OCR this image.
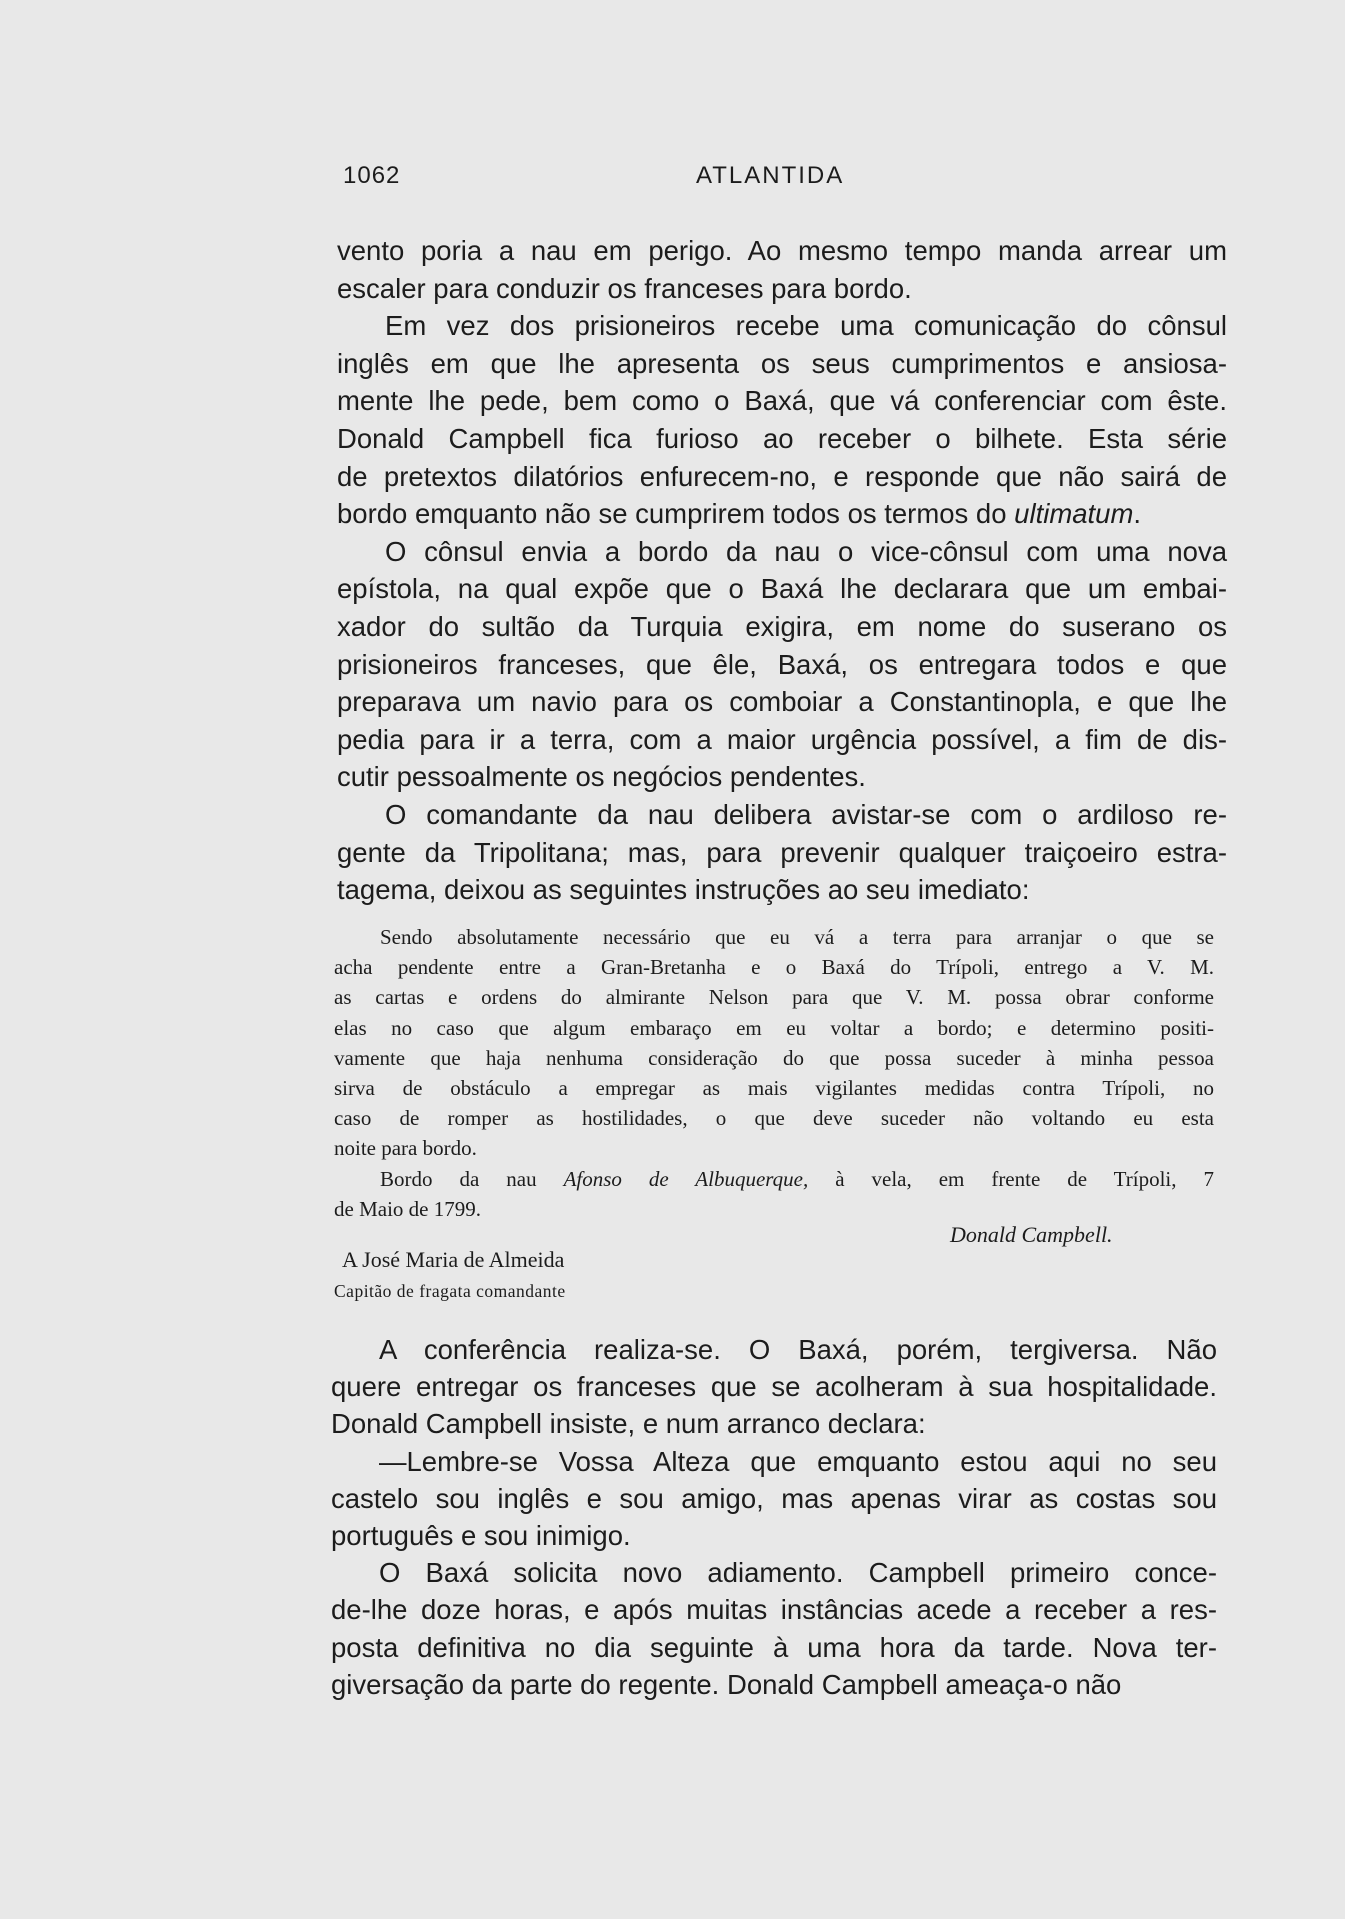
1062	ATLANTIDA
vento poria a nau em perigo. Ao mesmo tempo manda arrear um
escaler para conduzir os franceses para bordo.
Em vez dos prisioneiros recebe uma comunicação do cônsul
inglês em que lhe apresenta os seus cumprimentos e ansiosa-
mente lhe pede, bem como o Baxá, que vá conferenciar com êste.
Donald Campbell fica furioso ao receber o bilhete. Esta série
de pretextos dilatórios enfurecem-no, e responde que não sairá de
bordo emquanto não se cumprirem todos os termos do ultimatum.
O cônsul envia a bordo da nau o vice-cônsul com uma nova
epístola, na qual expõe que o Baxá lhe declarara que um embai-
xador do sultão da Turquia exigira, em nome do suserano os
prisioneiros franceses, que êle, Baxá, os entregara todos e que
preparava um navio para os comboiar a Constantinopla, e que lhe
pedia para ir a terra, com a maior urgência possível, a fim de dis-
cutir pessoalmente os negócios pendentes.
O comandante da nau delibera avistar-se com o ardiloso re-
gente da Tripolitana; mas, para prevenir qualquer traiçoeiro estra-
tagema, deixou as seguintes instruções ao seu imediato:
Sendo absolutamente necessário que eu vá a terra para arranjar o que se
acha pendente entre a Gran-Bretanha e o Baxá do Trípoli, entrego a V. M.
as cartas e ordens do almirante Nelson para que V. M. possa obrar conforme
elas no caso que algum embaraço em eu voltar a bordo; e determino positi-
vamente que haja nenhuma consideração do que possa suceder à minha pessoa
sirva de obstáculo a empregar as mais vigilantes medidas contra Trípoli, no
caso de romper as hostilidades, o que deve suceder não voltando eu esta
noite para bordo.
Bordo da nau Afonso de Albuquerque, à vela, em frente de Trípoli, 7
de Maio de 1799.
Donald Campbell.
A José Maria de Almeida
Capitão de fragata comandante
A conferência realiza-se. O Baxá, porém, tergiversa. Não
quere entregar os franceses que se acolheram à sua hospitalidade.
Donald Campbell insiste, e num arranco declara:
—Lembre-se Vossa Alteza que emquanto estou aqui no seu
castelo sou inglês e sou amigo, mas apenas virar as costas sou
português e sou inimigo.
O Baxá solicita novo adiamento. Campbell primeiro conce-
de-lhe doze horas, e após muitas instâncias acede a receber a res-
posta definitiva no dia seguinte à uma hora da tarde. Nova ter-
giversação da parte do regente. Donald Campbell ameaça-o não
